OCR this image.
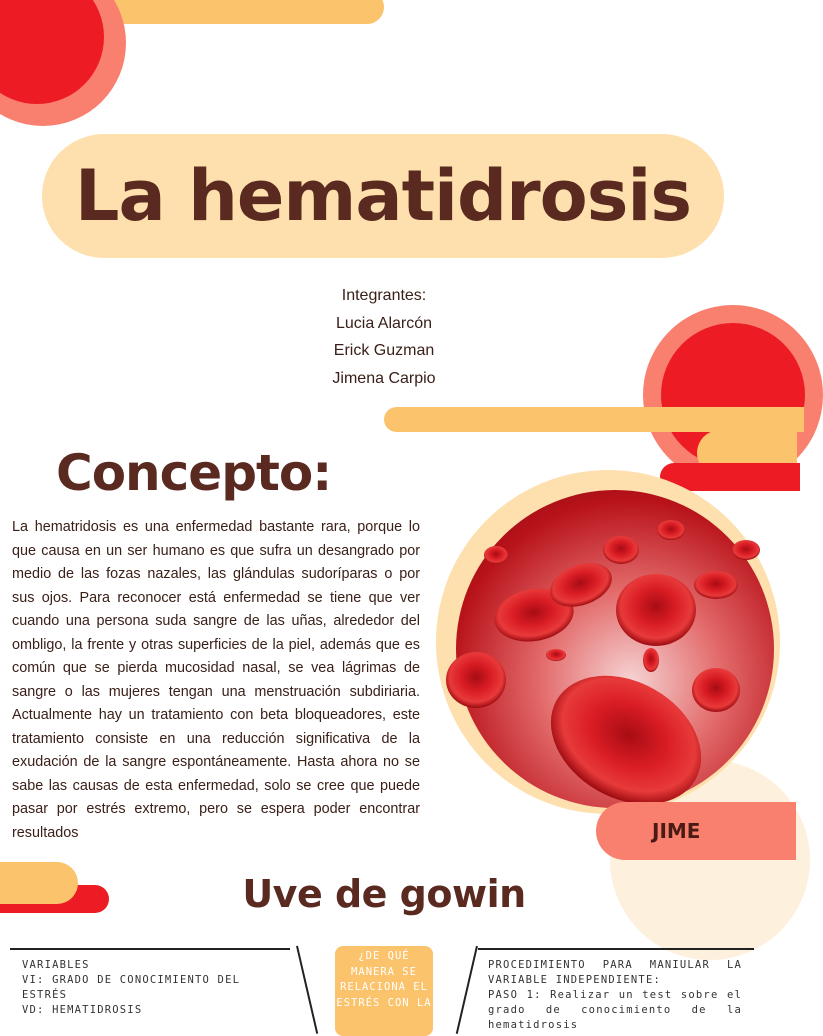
La hematidrosis
Integrantes:
Lucia Alarcón
Erick Guzman
Jimena Carpio
Concepto:
La hematridosis es una enfermedad bastante rara, porque lo que causa en un ser humano es que sufra un desangrado por medio de las fozas nazales, las glándulas sudoríparas o por sus ojos. Para reconocer está enfermedad se tiene que ver cuando una persona suda sangre de las uñas, alrededor del ombligo, la frente y otras superficies de la piel, además que es común que se pierda mucosidad nasal, se vea lágrimas de sangre o las mujeres tengan una menstruación subdiriaria. Actualmente hay un tratamiento con beta bloqueadores, este tratamiento consiste en una reducción significativa de la exudación de la sangre espontáneamente. Hasta ahora no se sabe las causas de esta enfermedad, solo se cree que puede pasar por estrés extremo, pero se espera poder encontrar resultados	JIME
Uve de gowin
VARIABLES
VI: GRADO DE CONOCIMIENTO DEL ESTRÉS
VD: HEMATIDROSIS
¿DE QUÉ MANERA SE RELACIONA EL ESTRÉS CON LA
PROCEDIMIENTO PARA MANIULAR LA VARIABLE INDEPENDIENTE:
PASO 1: Realizar un test sobre el grado de conocimiento de la hematidrosis
